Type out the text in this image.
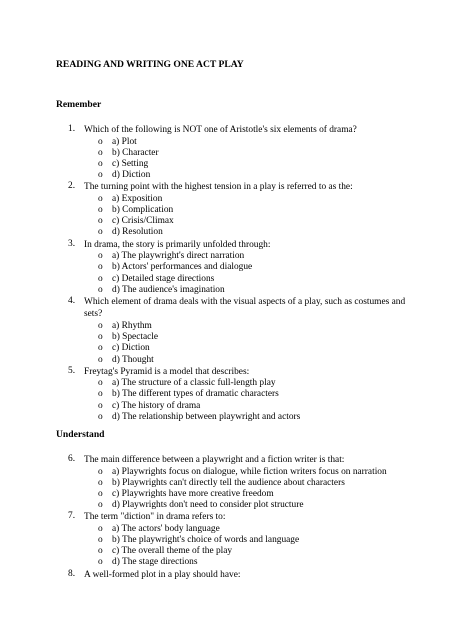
READING AND WRITING ONE ACT PLAY
Remember
1. Which of the following is NOT one of Aristotle's six elements of drama?
o a) Plot
o b) Character
o c) Setting
o d) Diction
2. The turning point with the highest tension in a play is referred to as the:
o a) Exposition
o b) Complication
o c) Crisis/Climax
o d) Resolution
3. In drama, the story is primarily unfolded through:
o a) The playwright's direct narration
o b) Actors' performances and dialogue
o c) Detailed stage directions
o d) The audience's imagination
4. Which element of drama deals with the visual aspects of a play, such as costumes and sets?
o a) Rhythm
o b) Spectacle
o c) Diction
o d) Thought
5. Freytag's Pyramid is a model that describes:
o a) The structure of a classic full-length play
o b) The different types of dramatic characters
o c) The history of drama
o d) The relationship between playwright and actors
Understand
6. The main difference between a playwright and a fiction writer is that:
o a) Playwrights focus on dialogue, while fiction writers focus on narration
o b) Playwrights can't directly tell the audience about characters
o c) Playwrights have more creative freedom
o d) Playwrights don't need to consider plot structure
7. The term "diction" in drama refers to:
o a) The actors' body language
o b) The playwright's choice of words and language
o c) The overall theme of the play
o d) The stage directions
8. A well-formed plot in a play should have:
